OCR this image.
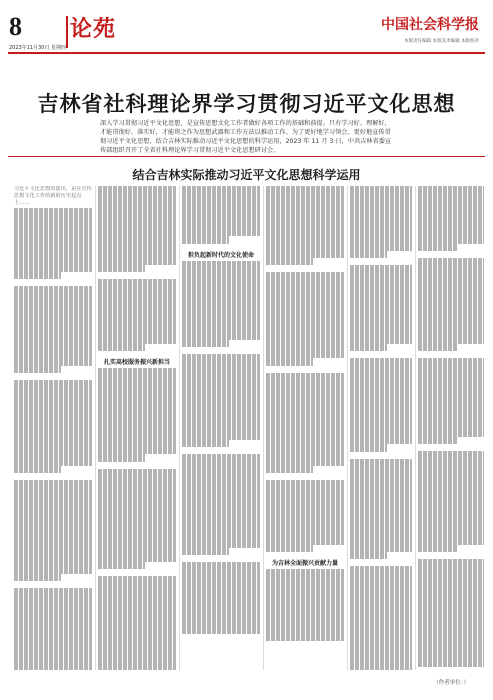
8
2023年11月30日 星期四
论苑	中国社会科学报
本版责任编辑 本版美术编辑 本版校对
吉林省社科理论界学习贯彻习近平文化思想
深入学习贯彻习近平文化思想，是宣传思想文化工作者做好各项工作的基础和前提。只有学习好、理解好，才能贯彻好、落实好，才能将之作为思想武器和工作方法以推动工作。为了更好地学习领会、更好地宣传贯彻习近平文化思想，结合吉林实际推动习近平文化思想的科学运用，2023 年 11 月 3 日，中共吉林省委宣传部组织召开了全省社科理论界学习贯彻习近平文化思想研讨会。
结合吉林实际推动习近平文化思想科学运用
习近平文化思想的提出，是在宣传思想文化工作的新的历史起点上……
扎实高校服务振兴新担当
担负起新时代的文化使命
为吉林全面振兴贡献力量
（作者单位：）
